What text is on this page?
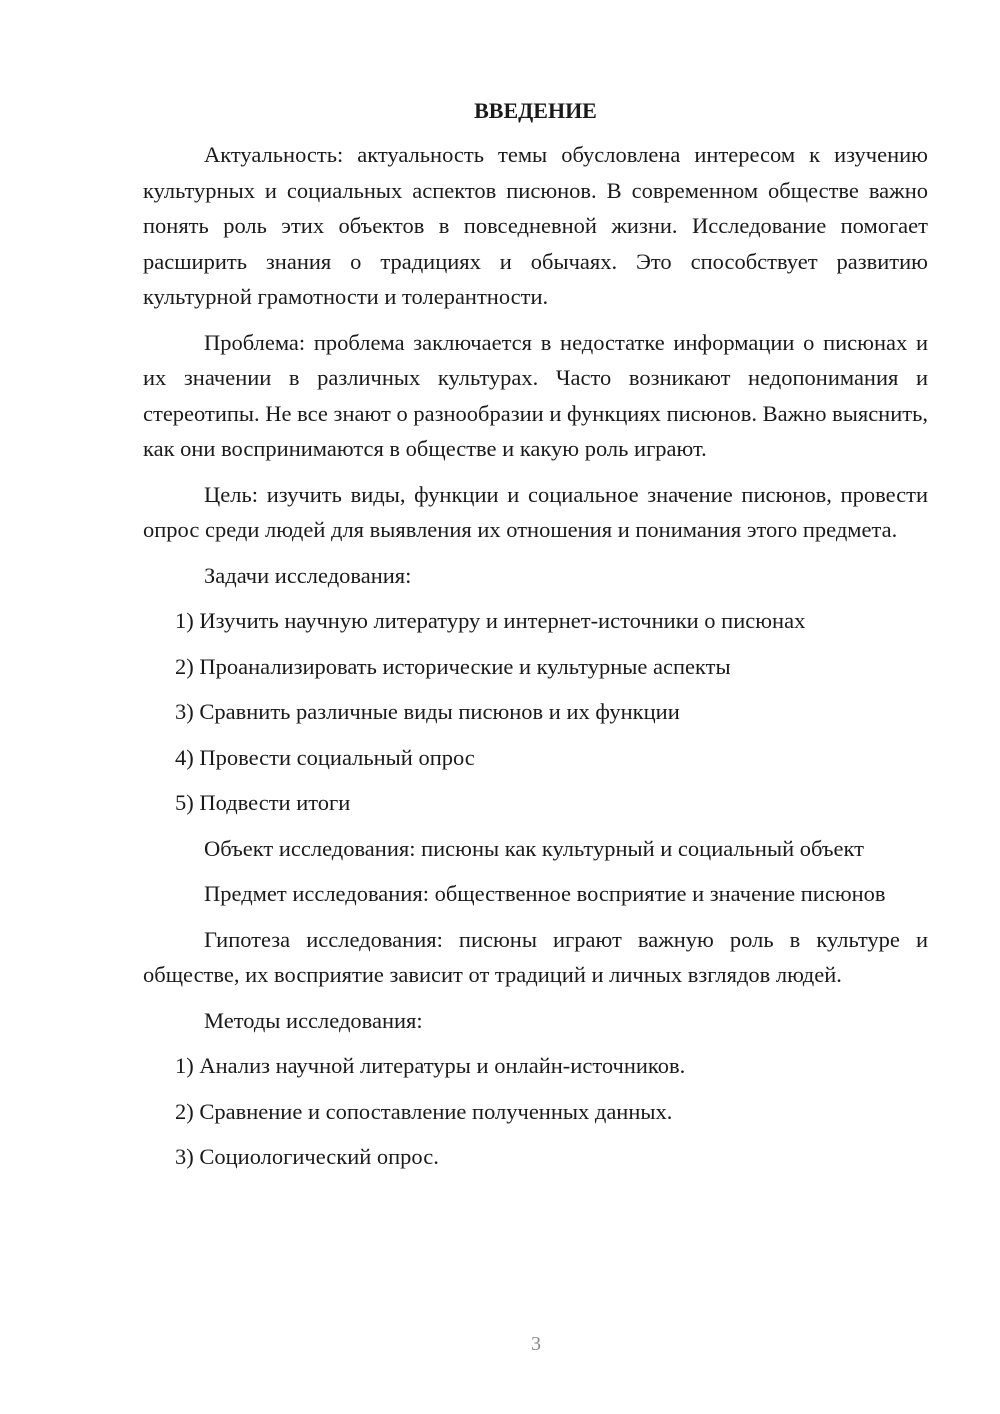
ВВЕДЕНИЕ

Актуальность: актуальность темы обусловлена интересом к изучению культурных и социальных аспектов писюнов. В современном обществе важно понять роль этих объектов в повседневной жизни. Исследование помогает расширить знания о традициях и обычаях. Это способствует развитию культурной грамотности и толерантности.

Проблема: проблема заключается в недостатке информации о писюнах и их значении в различных культурах. Часто возникают недопонимания и стереотипы. Не все знают о разнообразии и функциях писюнов. Важно выяснить, как они воспринимаются в обществе и какую роль играют.

Цель: изучить виды, функции и социальное значение писюнов, провести опрос среди людей для выявления их отношения и понимания этого предмета.

Задачи исследования:

1) Изучить научную литературу и интернет-источники о писюнах
2) Проанализировать исторические и культурные аспекты
3) Сравнить различные виды писюнов и их функции
4) Провести социальный опрос
5) Подвести итоги

Объект исследования: писюны как культурный и социальный объект

Предмет исследования: общественное восприятие и значение писюнов

Гипотеза исследования: писюны играют важную роль в культуре и обществе, их восприятие зависит от традиций и личных взглядов людей.

Методы исследования:

1) Анализ научной литературы и онлайн-источников.
2) Сравнение и сопоставление полученных данных.
3) Социологический опрос.
3
